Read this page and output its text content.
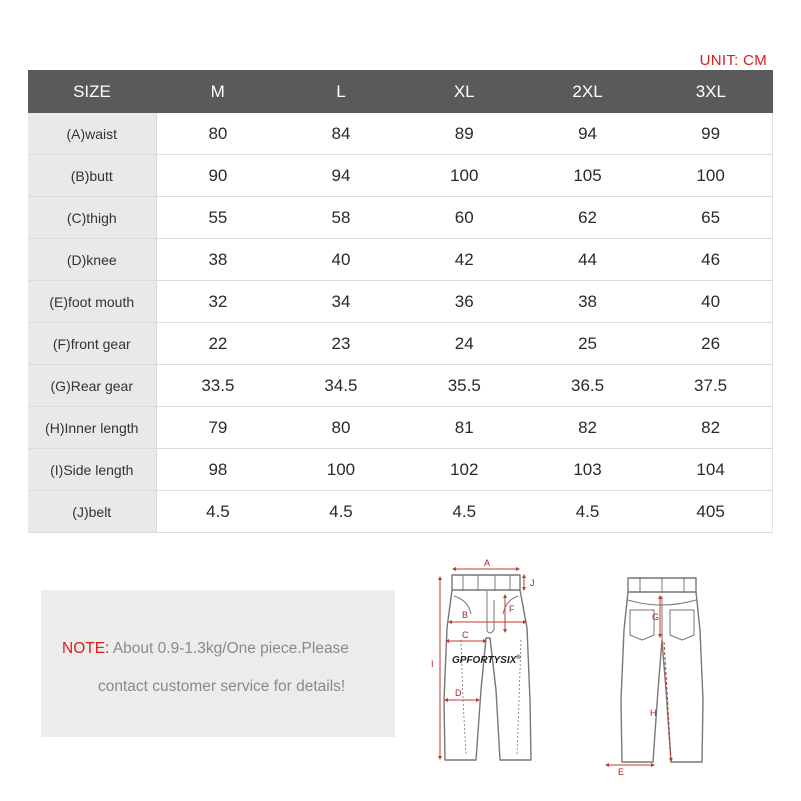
UNIT: CM
SIZE	M	L	XL	2XL	3XL
(A)waist	80	84	89	94	99
(B)butt	90	94	100	105	100
(C)thigh	55	58	60	62	65
(D)knee	38	40	42	44	46
(E)foot mouth	32	34	36	38	40
(F)front gear	22	23	24	25	26
(G)Rear gear	33.5	34.5	35.5	36.5	37.5
(H)Inner length	79	80	81	82	82
(I)Side length	98	100	102	103	104
(J)belt	4.5	4.5	4.5	4.5	405
NOTE: About 0.9-1.3kg/One piece.Please
contact customer service for details!
A
J
B
F
C
D
I GPFORTYSIX®
G
H
E
